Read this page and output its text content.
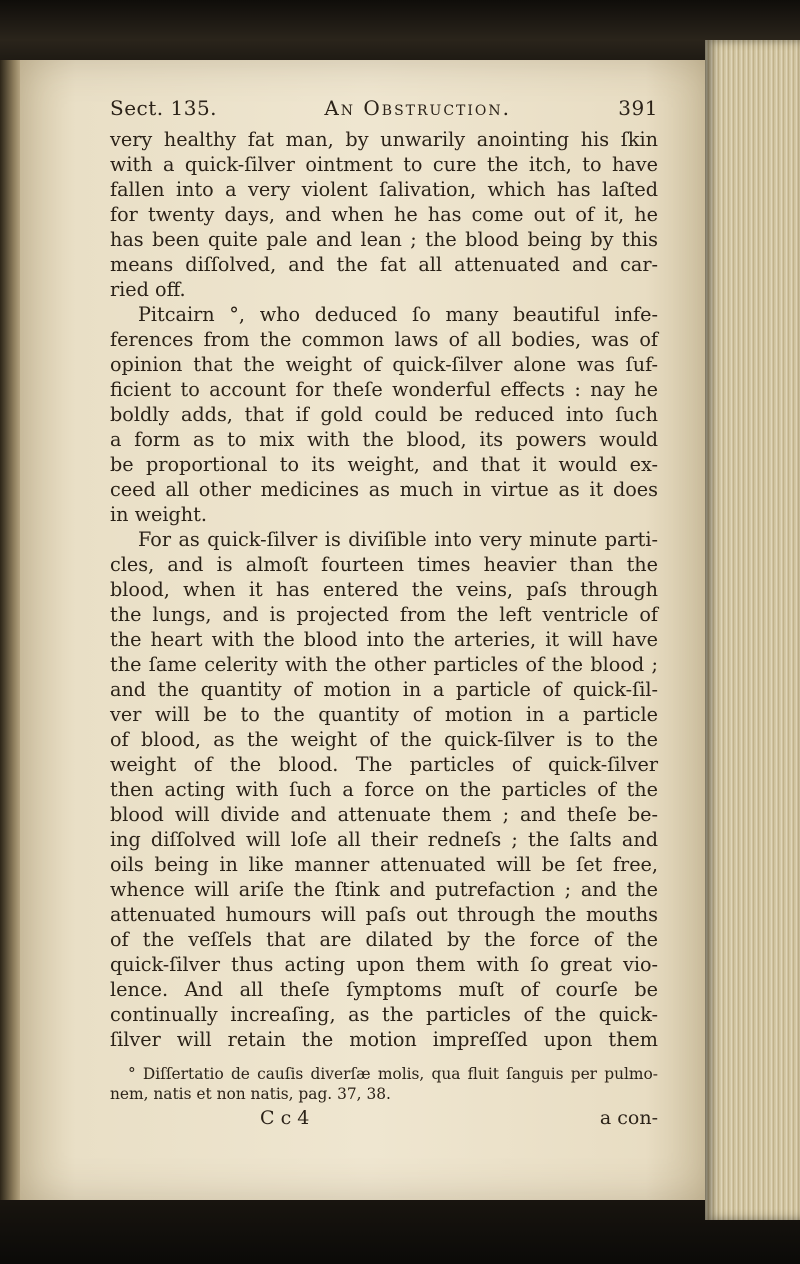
Sect. 135.	An Obstruction.	391
very healthy fat man, by unwarily anointing his ſkin
with a quick-ſilver ointment to cure the itch, to have
fallen into a very violent ſalivation, which has laſted
for twenty days, and when he has come out of it, he
has been quite pale and lean ; the blood being by this
means diſſolved, and the fat all attenuated and car-
ried off.
Pitcairn °, who deduced ſo many beautiful infe-
ferences from the common laws of all bodies, was of
opinion that the weight of quick-ſilver alone was ſuf-
ficient to account for theſe wonderful effects : nay he
boldly adds, that if gold could be reduced into ſuch
a form as to mix with the blood, its powers would
be proportional to its weight, and that it would ex-
ceed all other medicines as much in virtue as it does
in weight.
For as quick-ſilver is diviſible into very minute parti-
cles, and is almoſt fourteen times heavier than the
blood, when it has entered the veins, paſs through
the lungs, and is projected from the left ventricle of
the heart with the blood into the arteries, it will have
the ſame celerity with the other particles of the blood ;
and the quantity of motion in a particle of quick-ſil-
ver will be to the quantity of motion in a particle
of blood, as the weight of the quick-ſilver is to the
weight of the blood. The particles of quick-ſilver
then acting with ſuch a force on the particles of the
blood will divide and attenuate them ; and theſe be-
ing diſſolved will loſe all their redneſs ; the ſalts and
oils being in like manner attenuated will be ſet free,
whence will ariſe the ſtink and putrefaction ; and the
attenuated humours will paſs out through the mouths
of the veſſels that are dilated by the force of the
quick-ſilver thus acting upon them with ſo great vio-
lence. And all theſe ſymptoms muſt of courſe be
continually increaſing, as the particles of the quick-
ſilver will retain the motion impreſſed upon them
° Diſſertatio de cauſis diverſæ molis, qua fluit ſanguis per pulmo-
nem, natis et non natis, pag. 37, 38.
C c 4	a con-
